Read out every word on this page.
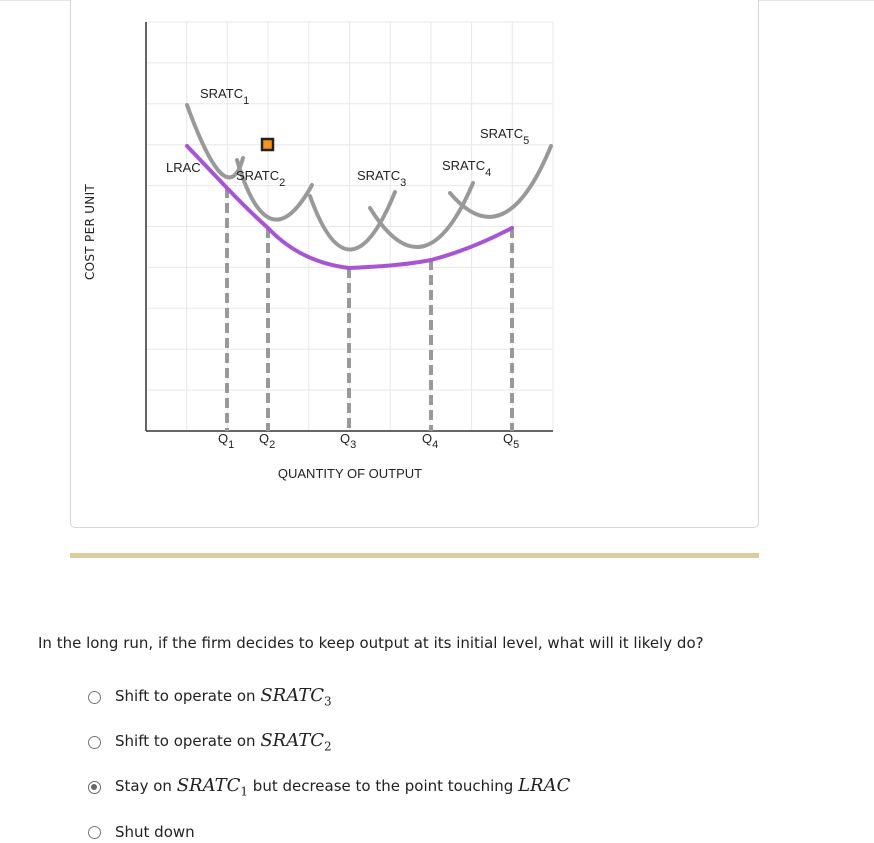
COST PER UNIT
$SRATC_1$
LRAC
$SRATC_2$	$SRATC_3$
$SRATC_4$
$SRATC_5$
$Q_1$ $Q_2$	$Q_3$	$Q_4$	$Q_5$
QUANTITY OF OUTPUT
In the long run, if the firm decides to keep output at its initial level, what will it likely do?
Shift to operate on $SRATC_3$
Shift to operate on $SRATC_2$
Stay on $SRATC_1$ but decrease to the point touching LRAC
Shut down
